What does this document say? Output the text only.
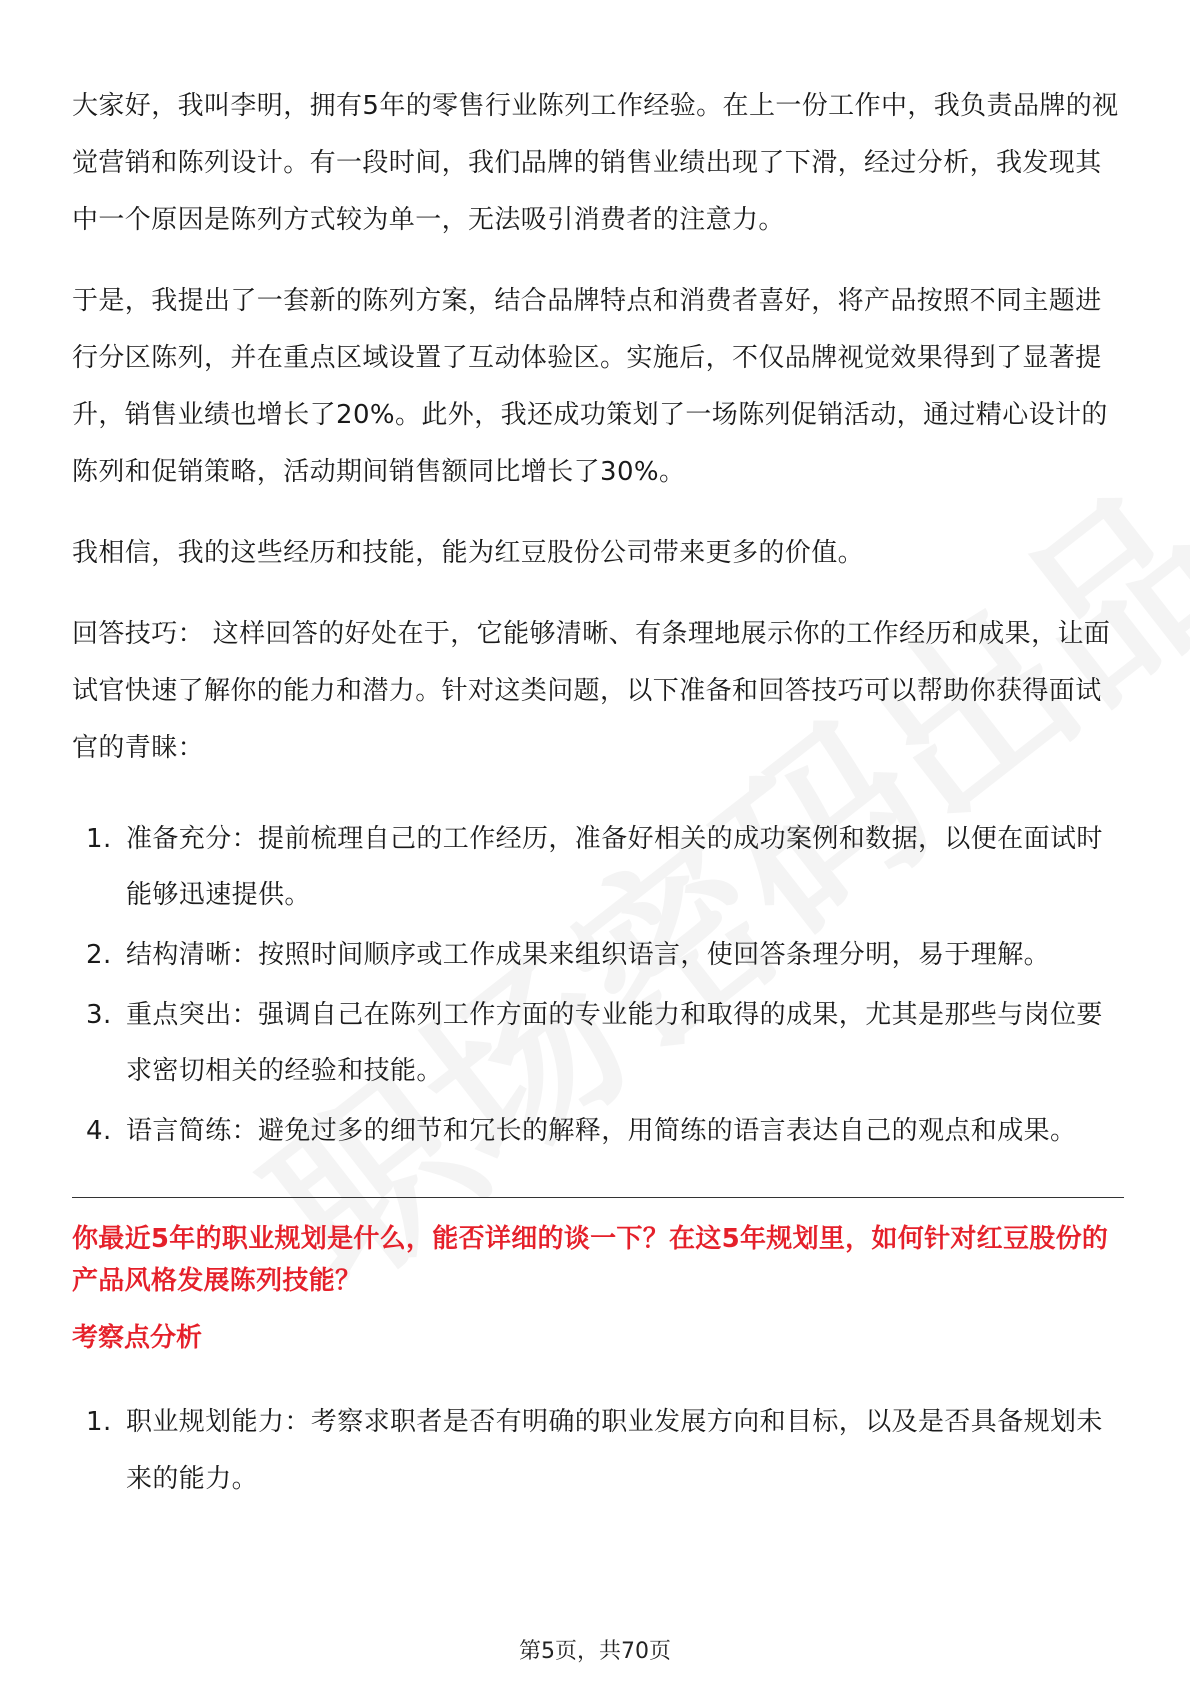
大家好，我叫李明，拥有5年的零售行业陈列工作经验。在上一份工作中，我负责品牌的视觉营销和陈列设计。有一段时间，我们品牌的销售业绩出现了下滑，经过分析，我发现其中一个原因是陈列方式较为单一，无法吸引消费者的注意力。

于是，我提出了一套新的陈列方案，结合品牌特点和消费者喜好，将产品按照不同主题进行分区陈列，并在重点区域设置了互动体验区。实施后，不仅品牌视觉效果得到了显著提升，销售业绩也增长了20%。此外，我还成功策划了一场陈列促销活动，通过精心设计的陈列和促销策略，活动期间销售额同比增长了30%。

我相信，我的这些经历和技能，能为红豆股份公司带来更多的价值。

回答技巧： 这样回答的好处在于，它能够清晰、有条理地展示你的工作经历和成果，让面试官快速了解你的能力和潜力。针对这类问题，以下准备和回答技巧可以帮助你获得面试官的青睐：

1. 准备充分：提前梳理自己的工作经历，准备好相关的成功案例和数据，以便在面试时能够迅速提供。
2. 结构清晰：按照时间顺序或工作成果来组织语言，使回答条理分明，易于理解。
3. 重点突出：强调自己在陈列工作方面的专业能力和取得的成果，尤其是那些与岗位要求密切相关的经验和技能。
4. 语言简练：避免过多的细节和冗长的解释，用简练的语言表达自己的观点和成果。

你最近5年的职业规划是什么，能否详细的谈一下？在这5年规划里，如何针对红豆股份的产品风格发展陈列技能？

考察点分析

1. 职业规划能力：考察求职者是否有明确的职业发展方向和目标，以及是否具备规划未来的能力。
第5页，共70页
